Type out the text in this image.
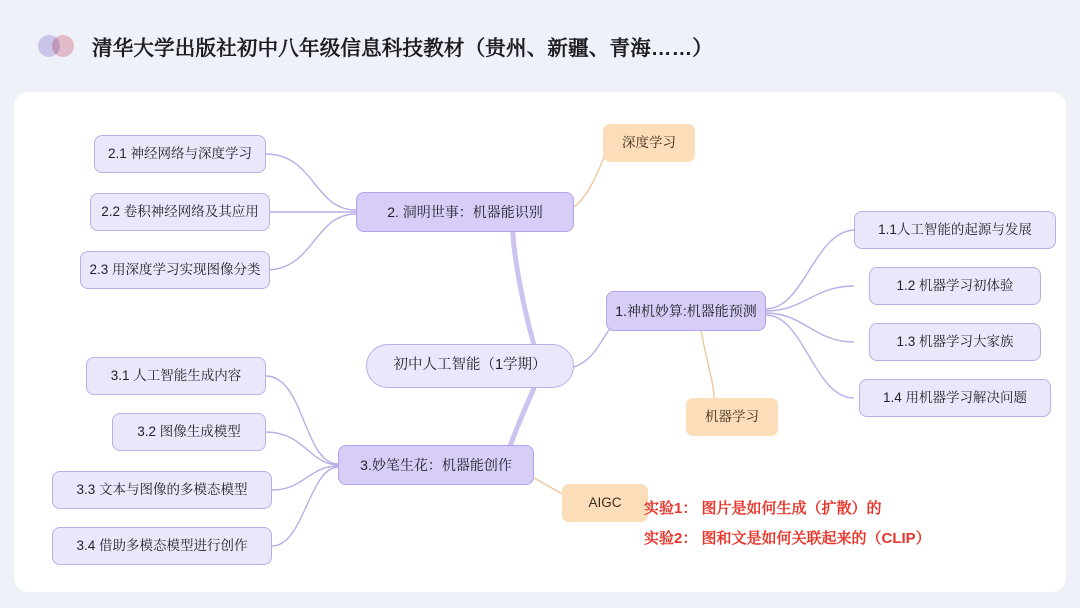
清华大学出版社初中八年级信息科技教材（贵州、新疆、青海……）
初中人工智能（1学期）
2.1 神经网络与深度学习
2.2 卷积神经网络及其应用
2.3 用深度学习实现图像分类
2. 洞明世事：机器能识别
深度学习
1.神机妙算:机器能预测
1.1人工智能的起源与发展
1.2 机器学习初体验
1.3 机器学习大家族
1.4 用机器学习解决问题
机器学习
3.1 人工智能生成内容
3.2 图像生成模型
3.3 文本与图像的多模态模型
3.4 借助多模态模型进行创作
3.妙笔生花：机器能创作
AIGC	实验1： 图片是如何生成（扩散）的
实验2： 图和文是如何关联起来的（CLIP）
